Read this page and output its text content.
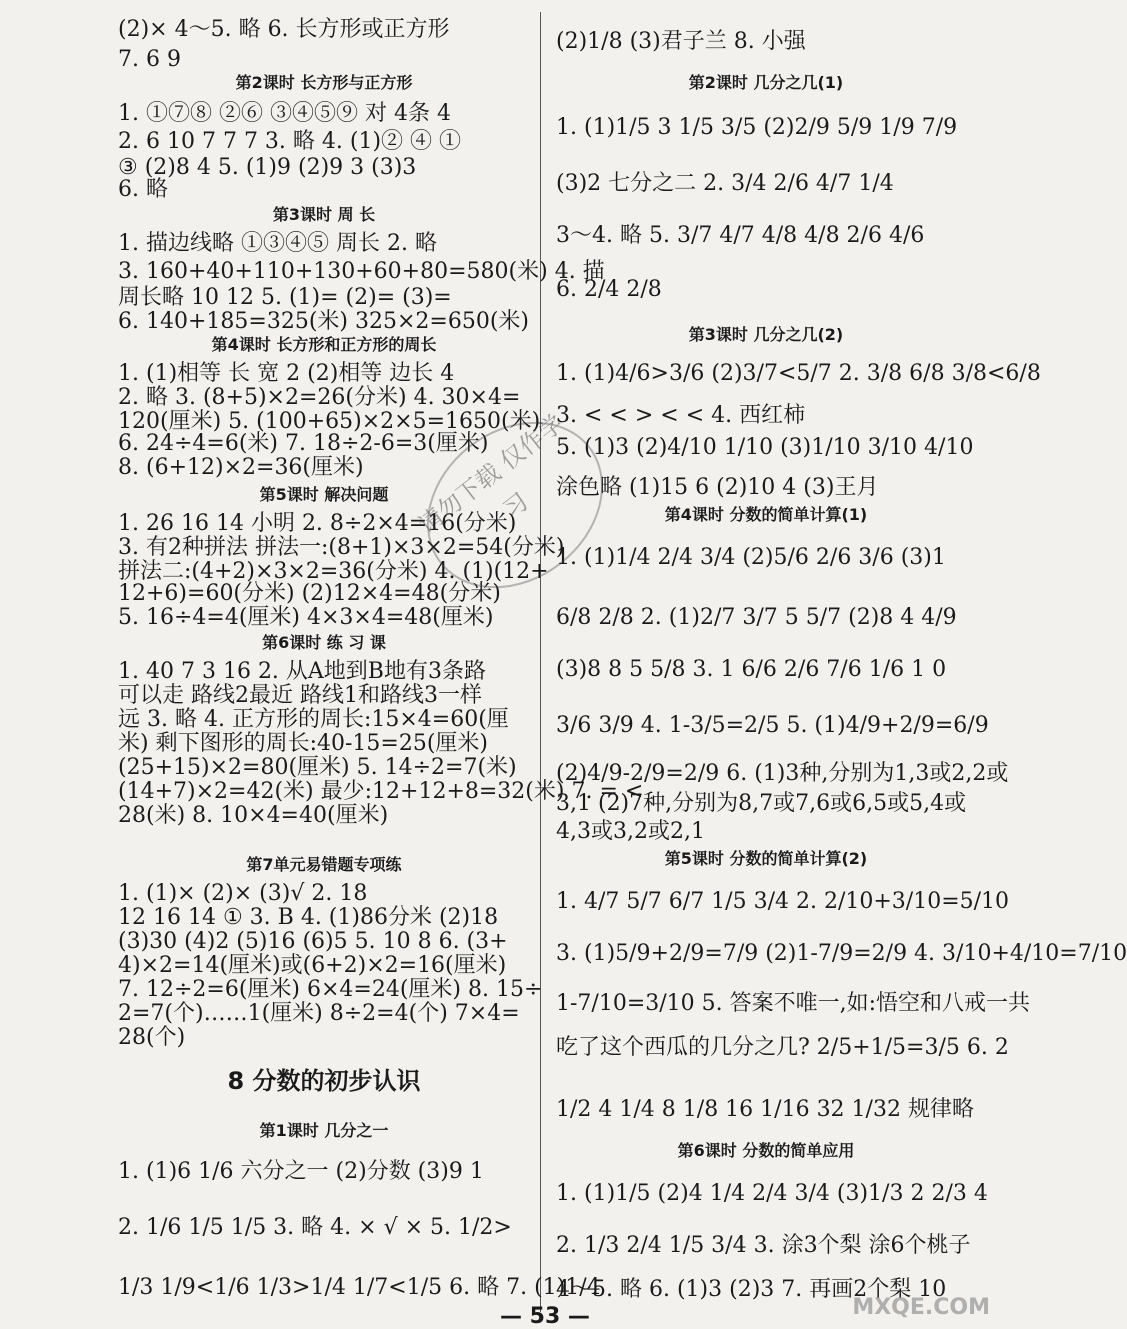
(2)× 4～5. 略 6. 长方形或正方形
7. 6 9
第2课时 长方形与正方形
1. ①⑦⑧ ②⑥ ③④⑤⑨ 对 4条 4
2. 6 10 7 7 7 3. 略 4. (1)② ④ ①
③ (2)8 4 5. (1)9 (2)9 3 (3)3
6. 略
第3课时 周 长
1. 描边线略 ①③④⑤ 周长 2. 略
3. 160+40+110+130+60+80=580(米) 4. 描
周长略 10 12 5. (1)= (2)= (3)=
6. 140+185=325(米) 325×2=650(米)
第4课时 长方形和正方形的周长
1. (1)相等 长 宽 2 (2)相等 边长 4
2. 略 3. (8+5)×2=26(分米) 4. 30×4=
120(厘米) 5. (100+65)×2×5=1650(米)
6. 24÷4=6(米) 7. 18÷2-6=3(厘米)
8. (6+12)×2=36(厘米)
第5课时 解决问题
1. 26 16 14 小明 2. 8÷2×4=16(分米)
3. 有2种拼法 拼法一:(8+1)×3×2=54(分米)
拼法二:(4+2)×3×2=36(分米) 4. (1)(12+
12+6)=60(分米) (2)12×4=48(分米)
5. 16÷4=4(厘米) 4×3×4=48(厘米)
第6课时 练 习 课
1. 40 7 3 16 2. 从A地到B地有3条路
可以走 路线2最近 路线1和路线3一样
远 3. 略 4. 正方形的周长:15×4=60(厘
米) 剩下图形的周长:40-15=25(厘米)
(25+15)×2=80(厘米) 5. 14÷2=7(米)
(14+7)×2=42(米) 最少:12+12+8=32(米) 7. = <
28(米) 8. 10×4=40(厘米)
第7单元易错题专项练
1. (1)× (2)× (3)√ 2. 18
12 16 14 ① 3. B 4. (1)86分米 (2)18
(3)30 (4)2 (5)16 (6)5 5. 10 8 6. (3+
4)×2=14(厘米)或(6+2)×2=16(厘米)
7. 12÷2=6(厘米) 6×4=24(厘米) 8. 15÷
2=7(个)……1(厘米) 8÷2=4(个) 7×4=
28(个)
8 分数的初步认识
第1课时 几分之一
1. (1)6 1/6 六分之一 (2)分数 (3)9 1
2. 1/6 1/5 1/5 3. 略 4. × √ × 5. 1/2>
1/3 1/9<1/6 1/3>1/4 1/7<1/5 6. 略 7. (1)1/4
(2)1/8 (3)君子兰 8. 小强
第2课时 几分之几(1)
1. (1)1/5 3 1/5 3/5 (2)2/9 5/9 1/9 7/9
(3)2 七分之二 2. 3/4 2/6 4/7 1/4
3～4. 略 5. 3/7 4/7 4/8 4/8 2/6 4/6
6. 2/4 2/8
第3课时 几分之几(2)
1. (1)4/6>3/6 (2)3/7<5/7 2. 3/8 6/8 3/8<6/8
3. < < > < < 4. 西红柿
5. (1)3 (2)4/10 1/10 (3)1/10 3/10 4/10
涂色略 (1)15 6 (2)10 4 (3)王月
第4课时 分数的简单计算(1)
1. (1)1/4 2/4 3/4 (2)5/6 2/6 3/6 (3)1
6/8 2/8 2. (1)2/7 3/7 5 5/7 (2)8 4 4/9
(3)8 8 5 5/8 3. 1 6/6 2/6 7/6 1/6 1 0
3/6 3/9 4. 1-3/5=2/5 5. (1)4/9+2/9=6/9
(2)4/9-2/9=2/9 6. (1)3种,分别为1,3或2,2或
3,1 (2)7种,分别为8,7或7,6或6,5或5,4或
4,3或3,2或2,1
第5课时 分数的简单计算(2)
1. 4/7 5/7 6/7 1/5 3/4 2. 2/10+3/10=5/10
3. (1)5/9+2/9=7/9 (2)1-7/9=2/9 4. 3/10+4/10=7/10
1-7/10=3/10 5. 答案不唯一,如:悟空和八戒一共
吃了这个西瓜的几分之几? 2/5+1/5=3/5 6. 2
1/2 4 1/4 8 1/8 16 1/16 32 1/32 规律略
第6课时 分数的简单应用
1. (1)1/5 (2)4 1/4 2/4 3/4 (3)1/3 2 2/3 4
2. 1/3 2/4 1/5 3/4 3. 涂3个梨 涂6个桃子
4～5. 略 6. (1)3 (2)3 7. 再画2个梨 10
请勿下载 仅作学习
— 53 —	MXQE.COM
